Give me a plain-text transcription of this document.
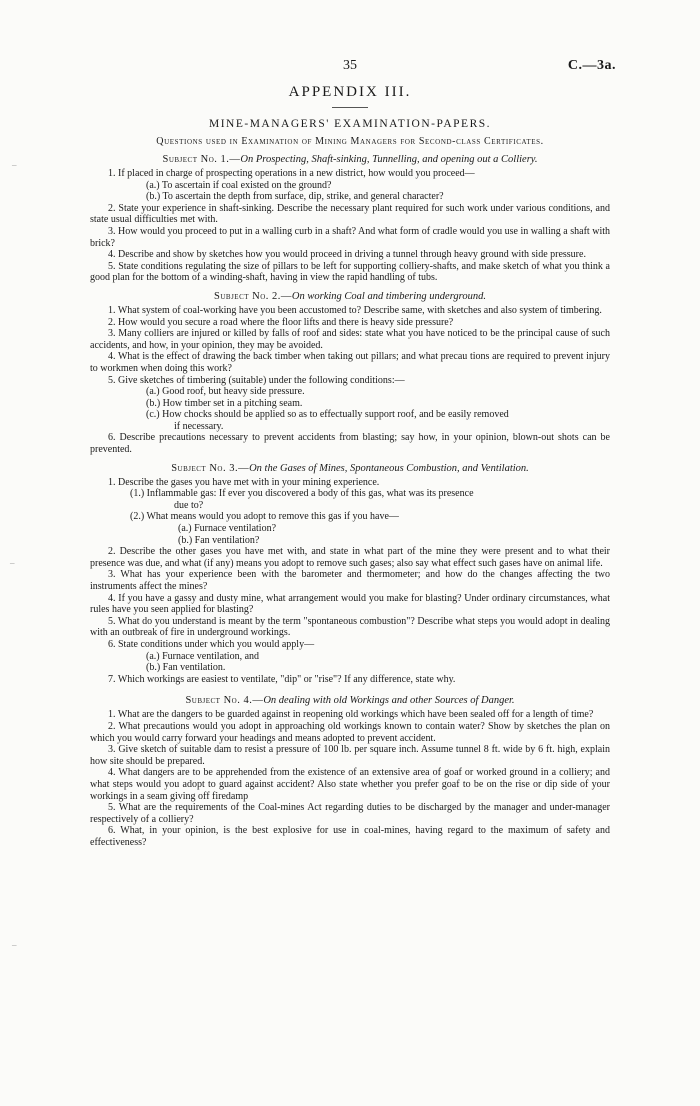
35	C.—3a.
APPENDIX III.
MINE-MANAGERS' EXAMINATION-PAPERS.
Questions used in Examination of Mining Managers for Second-class Certificates.
Subject No. 1.—On Prospecting, Shaft-sinking, Tunnelling, and opening out a Colliery.

1. If placed in charge of prospecting operations in a new district, how would you proceed—

(a.) To ascertain if coal existed on the ground?
(b.) To ascertain the depth from surface, dip, strike, and general character?

2. State your experience in shaft-sinking. Describe the necessary plant required for such work under various conditions, and state usual difficulties met with.

3. How would you proceed to put in a walling curb in a shaft? And what form of cradle would you use in walling a shaft with brick?

4. Describe and show by sketches how you would proceed in driving a tunnel through heavy ground with side pressure.

5. State conditions regulating the size of pillars to be left for supporting colliery-shafts, and make sketch of what you think a good plan for the bottom of a winding-shaft, having in view the rapid handling of tubs.

Subject No. 2.—On working Coal and timbering underground.

1. What system of coal-working have you been accustomed to? Describe same, with sketches and also system of timbering.

2. How would you secure a road where the floor lifts and there is heavy side pressure?

3. Many colliers are injured or killed by falls of roof and sides: state what you have noticed to be the principal cause of such accidents, and how, in your opinion, they may be avoided.

4. What is the effect of drawing the back timber when taking out pillars; and what precau tions are required to prevent injury to workmen when doing this work?

5. Give sketches of timbering (suitable) under the following conditions:—

(a.) Good roof, but heavy side pressure.
(b.) How timber set in a pitching seam.
(c.) How chocks should be applied so as to effectually support roof, and be easily removed
if necessary.

6. Describe precautions necessary to prevent accidents from blasting; say how, in your opinion, blown-out shots can be prevented.

Subject No. 3.—On the Gases of Mines, Spontaneous Combustion, and Ventilation.

1. Describe the gases you have met with in your mining experience.

(1.) Inflammable gas: If ever you discovered a body of this gas, what was its presence
due to?
(2.) What means would you adopt to remove this gas if you have—
(a.) Furnace ventilation?
(b.) Fan ventilation?

2. Describe the other gases you have met with, and state in what part of the mine they were present and to what their presence was due, and what (if any) means you adopt to remove such gases; also say what effect such gases have on animal life.

3. What has your experience been with the barometer and thermometer; and how do the changes affecting the two instruments affect the mines?

4. If you have a gassy and dusty mine, what arrangement would you make for blasting? Under ordinary circumstances, what rules have you seen applied for blasting?

5. What do you understand is meant by the term "spontaneous combustion"? Describe what steps you would adopt in dealing with an outbreak of fire in underground workings.

6. State conditions under which you would apply—

(a.) Furnace ventilation, and
(b.) Fan ventilation.

7. Which workings are easiest to ventilate, "dip" or "rise"? If any difference, state why.

Subject No. 4.—On dealing with old Workings and other Sources of Danger.

1. What are the dangers to be guarded against in reopening old workings which have been sealed off for a length of time?

2. What precautions would you adopt in approaching old workings known to contain water? Show by sketches the plan on which you would carry forward your headings and means adopted to prevent accident.

3. Give sketch of suitable dam to resist a pressure of 100 lb. per square inch. Assume tunnel 8 ft. wide by 6 ft. high, explain how site should be prepared.

4. What dangers are to be apprehended from the existence of an extensive area of goaf or worked ground in a colliery; and what steps would you adopt to guard against accident? Also state whether you prefer goaf to be on the rise or dip side of your workings in a seam giving off firedamp

5. What are the requirements of the Coal-mines Act regarding duties to be discharged by the manager and under-manager respectively of a colliery?

6. What, in your opinion, is the best explosive for use in coal-mines, having regard to the maximum of safety and effectiveness?

–
–
–
